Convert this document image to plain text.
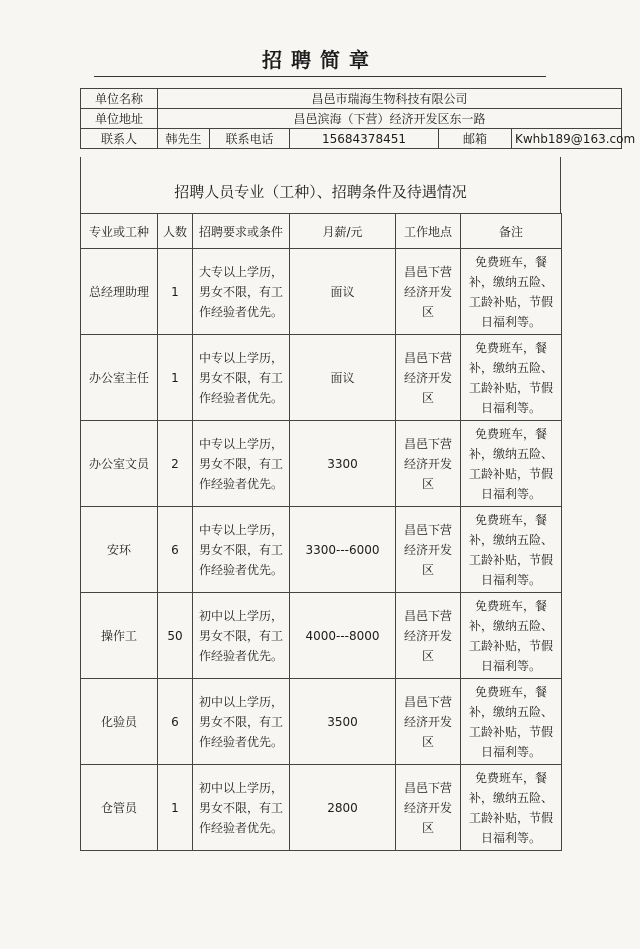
招聘简章
单位名称	昌邑市瑞海生物科技有限公司				
单位地址	昌邑滨海（下营）经济开发区东一路				
联系人	韩先生	联系电话	15684378451	邮箱	Kwhb189@163.com
招聘人员专业（工种）、招聘条件及待遇情况
专业或工种	人数	招聘要求或条件	月薪/元	工作地点	备注
总经理助理	1	大专以上学历，男女不限，有工作经验者优先。	面议	昌邑下营经济开发区	免费班车，餐补，缴纳五险、工龄补贴，节假日福利等。
办公室主任	1	中专以上学历，男女不限，有工作经验者优先。	面议	昌邑下营经济开发区	免费班车，餐补，缴纳五险、工龄补贴，节假日福利等。
办公室文员	2	中专以上学历，男女不限，有工作经验者优先。	3300	昌邑下营经济开发区	免费班车，餐补，缴纳五险、工龄补贴，节假日福利等。
安环	6	中专以上学历，男女不限，有工作经验者优先。	3300---6000	昌邑下营经济开发区	免费班车，餐补，缴纳五险、工龄补贴，节假日福利等。
操作工	50	初中以上学历，男女不限，有工作经验者优先。	4000---8000	昌邑下营经济开发区	免费班车，餐补，缴纳五险、工龄补贴，节假日福利等。
化验员	6	初中以上学历，男女不限，有工作经验者优先。	3500	昌邑下营经济开发区	免费班车，餐补，缴纳五险、工龄补贴，节假日福利等。
仓管员	1	初中以上学历，男女不限，有工作经验者优先。	2800	昌邑下营经济开发区	免费班车，餐补，缴纳五险、工龄补贴，节假日福利等。
